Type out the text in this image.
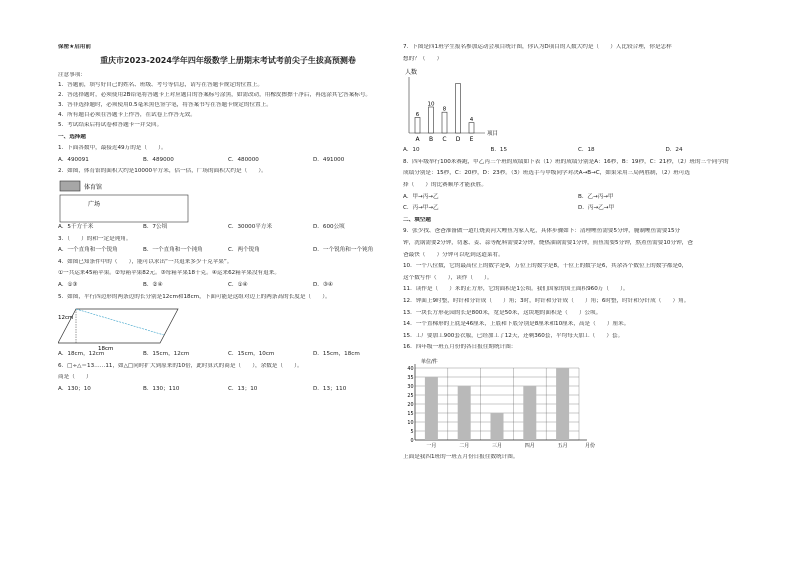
保密★启用前
重庆市2023-2024学年四年级数学上册期末考试考前尖子生拔高预测卷
注意事项：
1．答题前，填写好自己的姓名、班级、考号等信息，请写在答题卡规定的位置上。
2．答选择题时，必须使用2B铅笔将答题卡上对应题目的答案标号涂黑，如需改动，用橡皮擦擦干净后，再选涂其它答案标号。
3．答非选择题时，必须使用0.5毫米黑色签字笔，将答案书写在答题卡规定的位置上。
4．所有题目必须在答题卡上作答，在试卷上作答无效。
5．考试结束后将试卷和答题卡一并交回。
一、选择题
1．下面各数中，最接近49万的是（　　）。
A．490091	B．489000	C．480000	D．491000
2．如图，体育馆的面积大约是10000平方米，估一估，广场的面积大约是（　　）。
体育馆
广场
A．5千方千米	B．7公顷	C．30000平方米	D．600公顷
3．（　　）的和一定是钝角。
A．一个直角和一个锐角	B．一个直角和一个钝角	C．两个锐角	D．一个锐角和一个钝角
4．如图已知条件中的（　　），能可以求出“一共退来多少千克苹果”。
①一共运来45箱苹果。②每箱苹果82元。③每箱苹果18千克。④运来62箱苹果没有退来。
A．①③	B．②④	C．①④	D．③④
5．如图，平行四边形的两条边的长分别是12cm和18cm，下面可能是这组对边上的两条高的长度是（　　）。
12cm
18cm
A．18cm，12cm	B．15cm，12cm	C．15cm，10cm	D．15cm，18cm
6．□÷△＝13……11，如△□同时扩大到原来的10倍，此时算式的商是（　　），余数是（　　）。
商是（　　）
A．130；10	B．130；110	C．13；10	D．13；110
7．下图是四1班学生报名参加运动会项目统计图，你认为D项目的人数大约是（　　）人比较合理，你是怎样
想的？（　　）
人数
项目
6
A
10
B
8
C D
4
E
A．10	B．15	C．18	D．24
8．四年级举行100米赛跑，甲乙丙三个班的成绩如下表（1）班的成绩分别是A：16秒，B：19秒，C：21秒，（2）班的三个同学的
成绩分别是：15秒，C：20秒，D：23秒。（3）班选手与甲级同学对决A→B→C，如果采用三局两胜制，（2）班可选
择（　　）的比赛顺序才能获胜。
A．甲→丙→乙	B．乙→丙→甲
C．丙→甲→乙	D．丙→乙→甲
二、填空题
9．张少找、爸爸准备做一道红烧黄河大鲤鱼为家人吃，具体步骤如下：清理鲤鱼需要5分钟，腌制鲤鱼需要15分
钟，洗锅需要2分钟，切葱、姜、蒜等配料需要2分钟，烧热油锅需要1分钟，煎鱼需要5分钟，熬煮鱼需要10分钟，爸
爸最快（　　）分钟可以吃到这道菜肴。
10．一个八位数，它的最高位上的数字是9，万位上的数字是8，千位上的数字是6，其余各个数位上的数字都是0，
这个数写作（　　），读作（　　）。
11．读作是（　　）米的正方形，它的面积是1公顷。我们国家的国土面积960万（　　）。
12．钟面上9时整，时针和分针成（　　）角；3时，时针和分针成（　　）角；6时整，时针和分针成（　　）角。
13．一块长方形花园的长是800米，宽是50米，这块地的面积是（　　）公顷。
14．一个直梯形的上底是46厘米，上底和下底分别是8厘米和10厘米，高是（　　）厘米。
15．工厂要加工900套衣服，已经加工了12天，还剩360套，平均每天加工（　　）套。
16．四年级一班五月份的各日报往期统计图：
单位/件
0
5
10
15
20
25
30
35
40
一月	二月	三月	四月	五月	月份
上面是我四1班的一班五月份日报往数统计图。
